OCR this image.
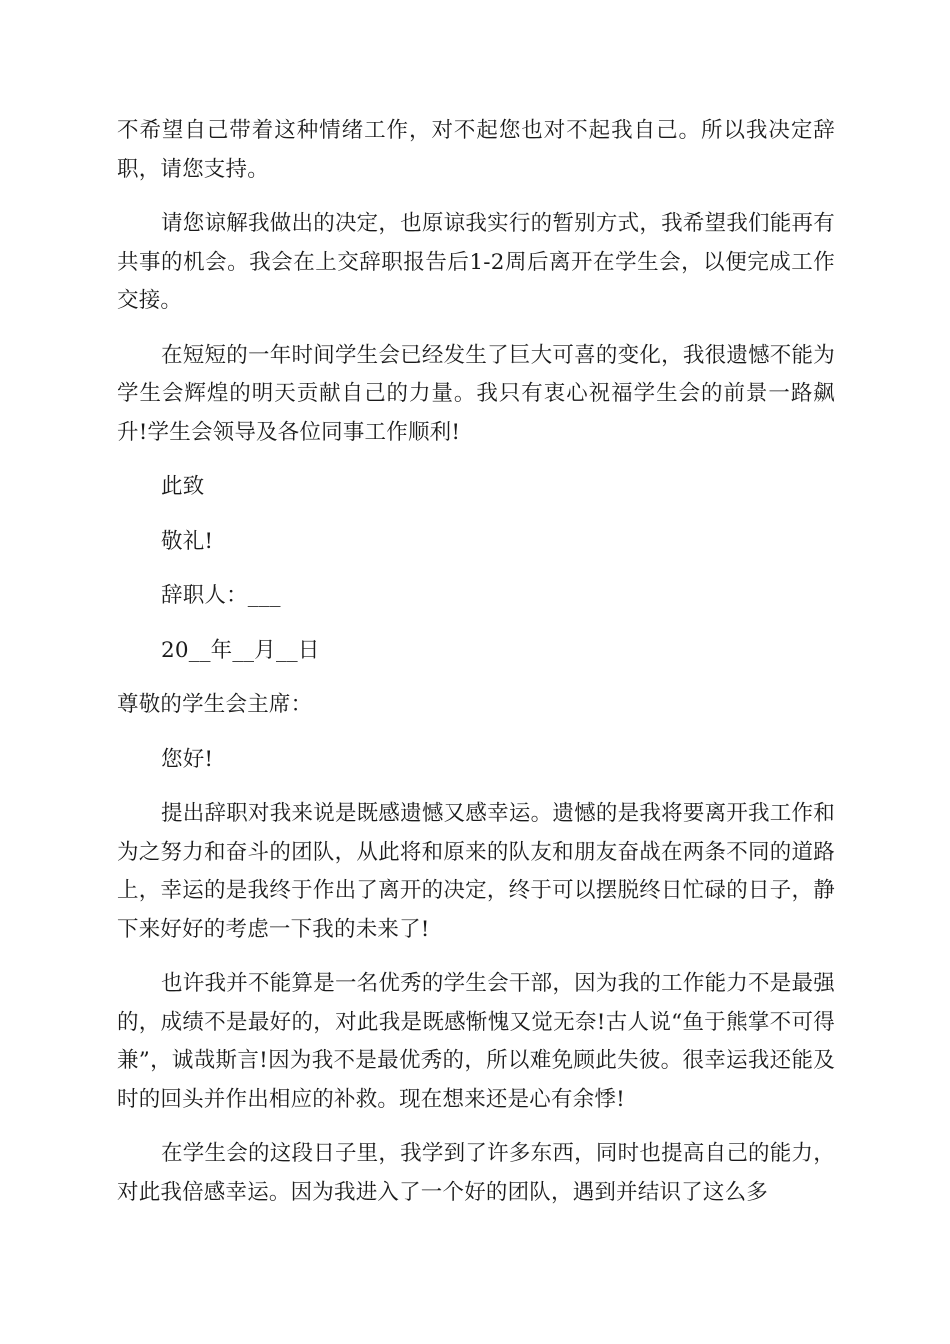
不希望自己带着这种情绪工作，对不起您也对不起我自己。所以我决定辞职，请您支持。

请您谅解我做出的决定，也原谅我实行的暂别方式，我希望我们能再有共事的机会。我会在上交辞职报告后1-2周后离开在学生会，以便完成工作交接。

在短短的一年时间学生会已经发生了巨大可喜的变化，我很遗憾不能为学生会辉煌的明天贡献自己的力量。我只有衷心祝福学生会的前景一路飙升!学生会领导及各位同事工作顺利!

此致

敬礼!

辞职人：___

20__年__月__日

尊敬的学生会主席：

您好!

提出辞职对我来说是既感遗憾又感幸运。遗憾的是我将要离开我工作和为之努力和奋斗的团队，从此将和原来的队友和朋友奋战在两条不同的道路上，幸运的是我终于作出了离开的决定，终于可以摆脱终日忙碌的日子，静下来好好的考虑一下我的未来了!

也许我并不能算是一名优秀的学生会干部，因为我的工作能力不是最强的，成绩不是最好的，对此我是既感惭愧又觉无奈!古人说“鱼于熊掌不可得兼”，诚哉斯言!因为我不是最优秀的，所以难免顾此失彼。很幸运我还能及时的回头并作出相应的补救。现在想来还是心有余悸!

在学生会的这段日子里，我学到了许多东西，同时也提高自己的能力，对此我倍感幸运。因为我进入了一个好的团队，遇到并结识了这么多
